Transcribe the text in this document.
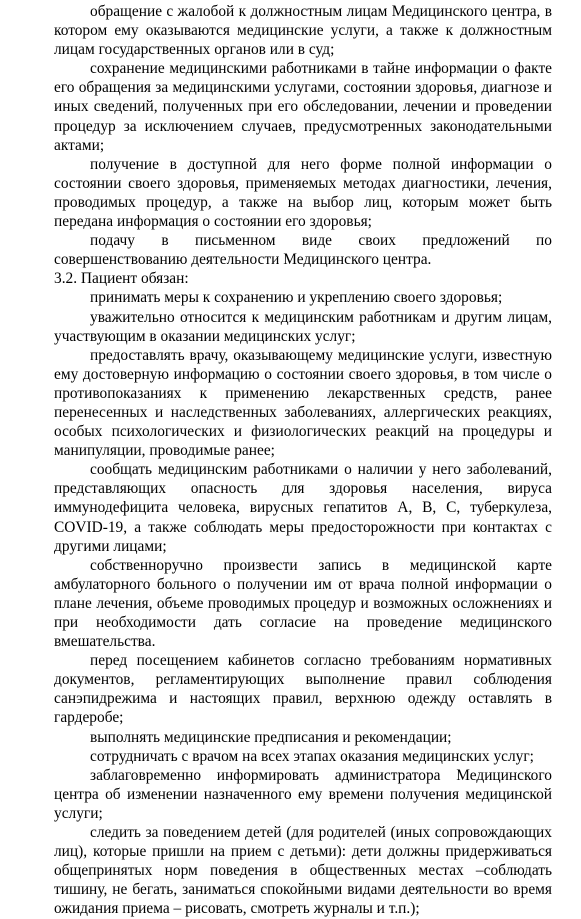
обращение с жалобой к должностным лицам Медицинского центра, в котором ему оказываются медицинские услуги, а также к должностным лицам государственных органов или в суд;

сохранение медицинскими работниками в тайне информации о факте его обращения за медицинскими услугами, состоянии здоровья, диагнозе и иных сведений, полученных при его обследовании, лечении и проведении процедур за исключением случаев, предусмотренных законодательными актами;

получение в доступной для него форме полной информации о состоянии своего здоровья, применяемых методах диагностики, лечения, проводимых процедур, а также на выбор лиц, которым может быть передана информация о состоянии его здоровья;

подачу в письменном виде своих предложений по совершенствованию деятельности Медицинского центра.

3.2. Пациент обязан:

принимать меры к сохранению и укреплению своего здоровья;

уважительно относится к медицинским работникам и другим лицам, участвующим в оказании медицинских услуг;

предоставлять врачу, оказывающему медицинские услуги, известную ему достоверную информацию о состоянии своего здоровья, в том числе о противопоказаниях к применению лекарственных средств, ранее перенесенных и наследственных заболеваниях, аллергических реакциях, особых психологических и физиологических реакций на процедуры и манипуляции, проводимые ранее;

сообщать медицинским работниками о наличии у него заболеваний, представляющих опасность для здоровья населения, вируса иммунодефицита человека, вирусных гепатитов А, В, С, туберкулеза, COVID-19, а также соблюдать меры предосторожности при контактах с другими лицами;

собственноручно произвести запись в медицинской карте амбулаторного больного о получении им от врача полной информации о плане лечения, объеме проводимых процедур и возможных осложнениях и при необходимости дать согласие на проведение медицинского вмешательства.

перед посещением кабинетов согласно требованиям нормативных документов, регламентирующих выполнение правил соблюдения санэпидрежима и настоящих правил, верхнюю одежду оставлять в гардеробе;

выполнять медицинские предписания и рекомендации;

сотрудничать с врачом на всех этапах оказания медицинских услуг;

заблаговременно информировать администратора Медицинского центра об изменении назначенного ему времени получения медицинской услуги;

следить за поведением детей (для родителей (иных сопровождающих лиц), которые пришли на прием с детьми): дети должны придерживаться общепринятых норм поведения в общественных местах –соблюдать тишину, не бегать, заниматься спокойными видами деятельности во время ожидания приема – рисовать, смотреть журналы и т.п.);
